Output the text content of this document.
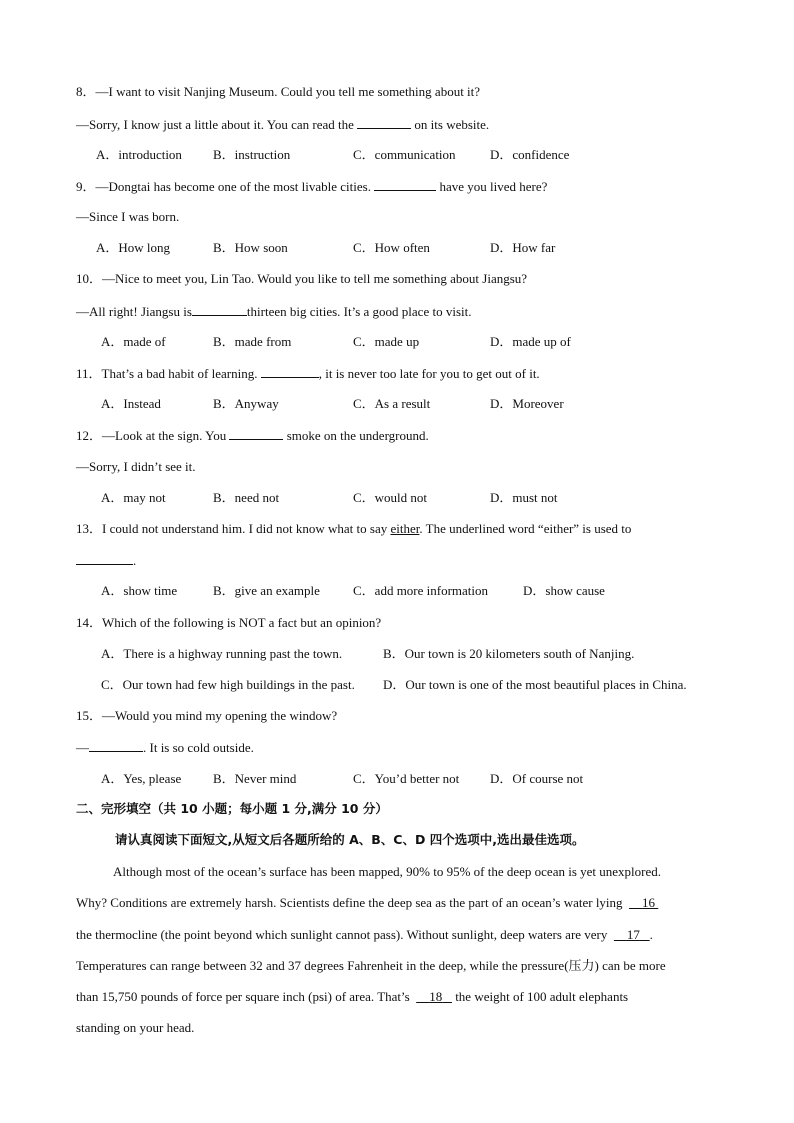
8．—I want to visit Nanjing Museum. Could you tell me something about it?
—Sorry, I know just a little about it. You can read the	on its website.
A．introduction B．instruction	C．communication	D．confidence
9．—Dongtai has become one of the most livable cities.	have you lived here?
—Since I was born.
A．How long	B．How soon	C．How often	D．How far
10．—Nice to meet you, Lin Tao. Would you like to tell me something about Jiangsu?
—All right! Jiangsu is	thirteen big cities. It’s a good place to visit.
A．made of	B．made from	C．made up	D．made up of
11．That’s a bad habit of learning.	, it is never too late for you to get out of it.
A．Instead	B．Anyway	C．As a result	D．Moreover
12．—Look at the sign. You	smoke on the underground.
—Sorry, I didn’t see it.
A．may not	B．need not	C．would not	D．must not
13．I could not understand him. I did not know what to say either. The underlined word “either” is used to
.
A．show time	B．give an example	C．add more information	D．show cause
14．Which of the following is NOT a fact but an opinion?
A．There is a highway running past the town.	B．Our town is 20 kilometers south of Nanjing.
C．Our town had few high buildings in the past. D．Our town is one of the most beautiful places in China.
15．—Would you mind my opening the window?
—	. It is so cold outside.
A．Yes, please B．Never mind	C．You’d better not D．Of course not
二、完形填空（共 10 小题；每小题 1 分,满分 10 分）
请认真阅读下面短文,从短文后各题所给的 A、B、C、D 四个选项中,选出最佳选项。
Although most of the ocean’s surface has been mapped, 90% to 95% of the deep ocean is yet unexplored.
Why? Conditions are extremely harsh. Scientists define the deep sea as the part of an ocean’s water lying 16
the thermocline (the point beyond which sunlight cannot pass). Without sunlight, deep waters are very 17 .
Temperatures can range between 32 and 37 degrees Fahrenheit in the deep, while the pressure(压力) can be more
than 15,750 pounds of force per square inch (psi) of area. That’s 18    the weight of 100 adult elephants
standing on your head.
